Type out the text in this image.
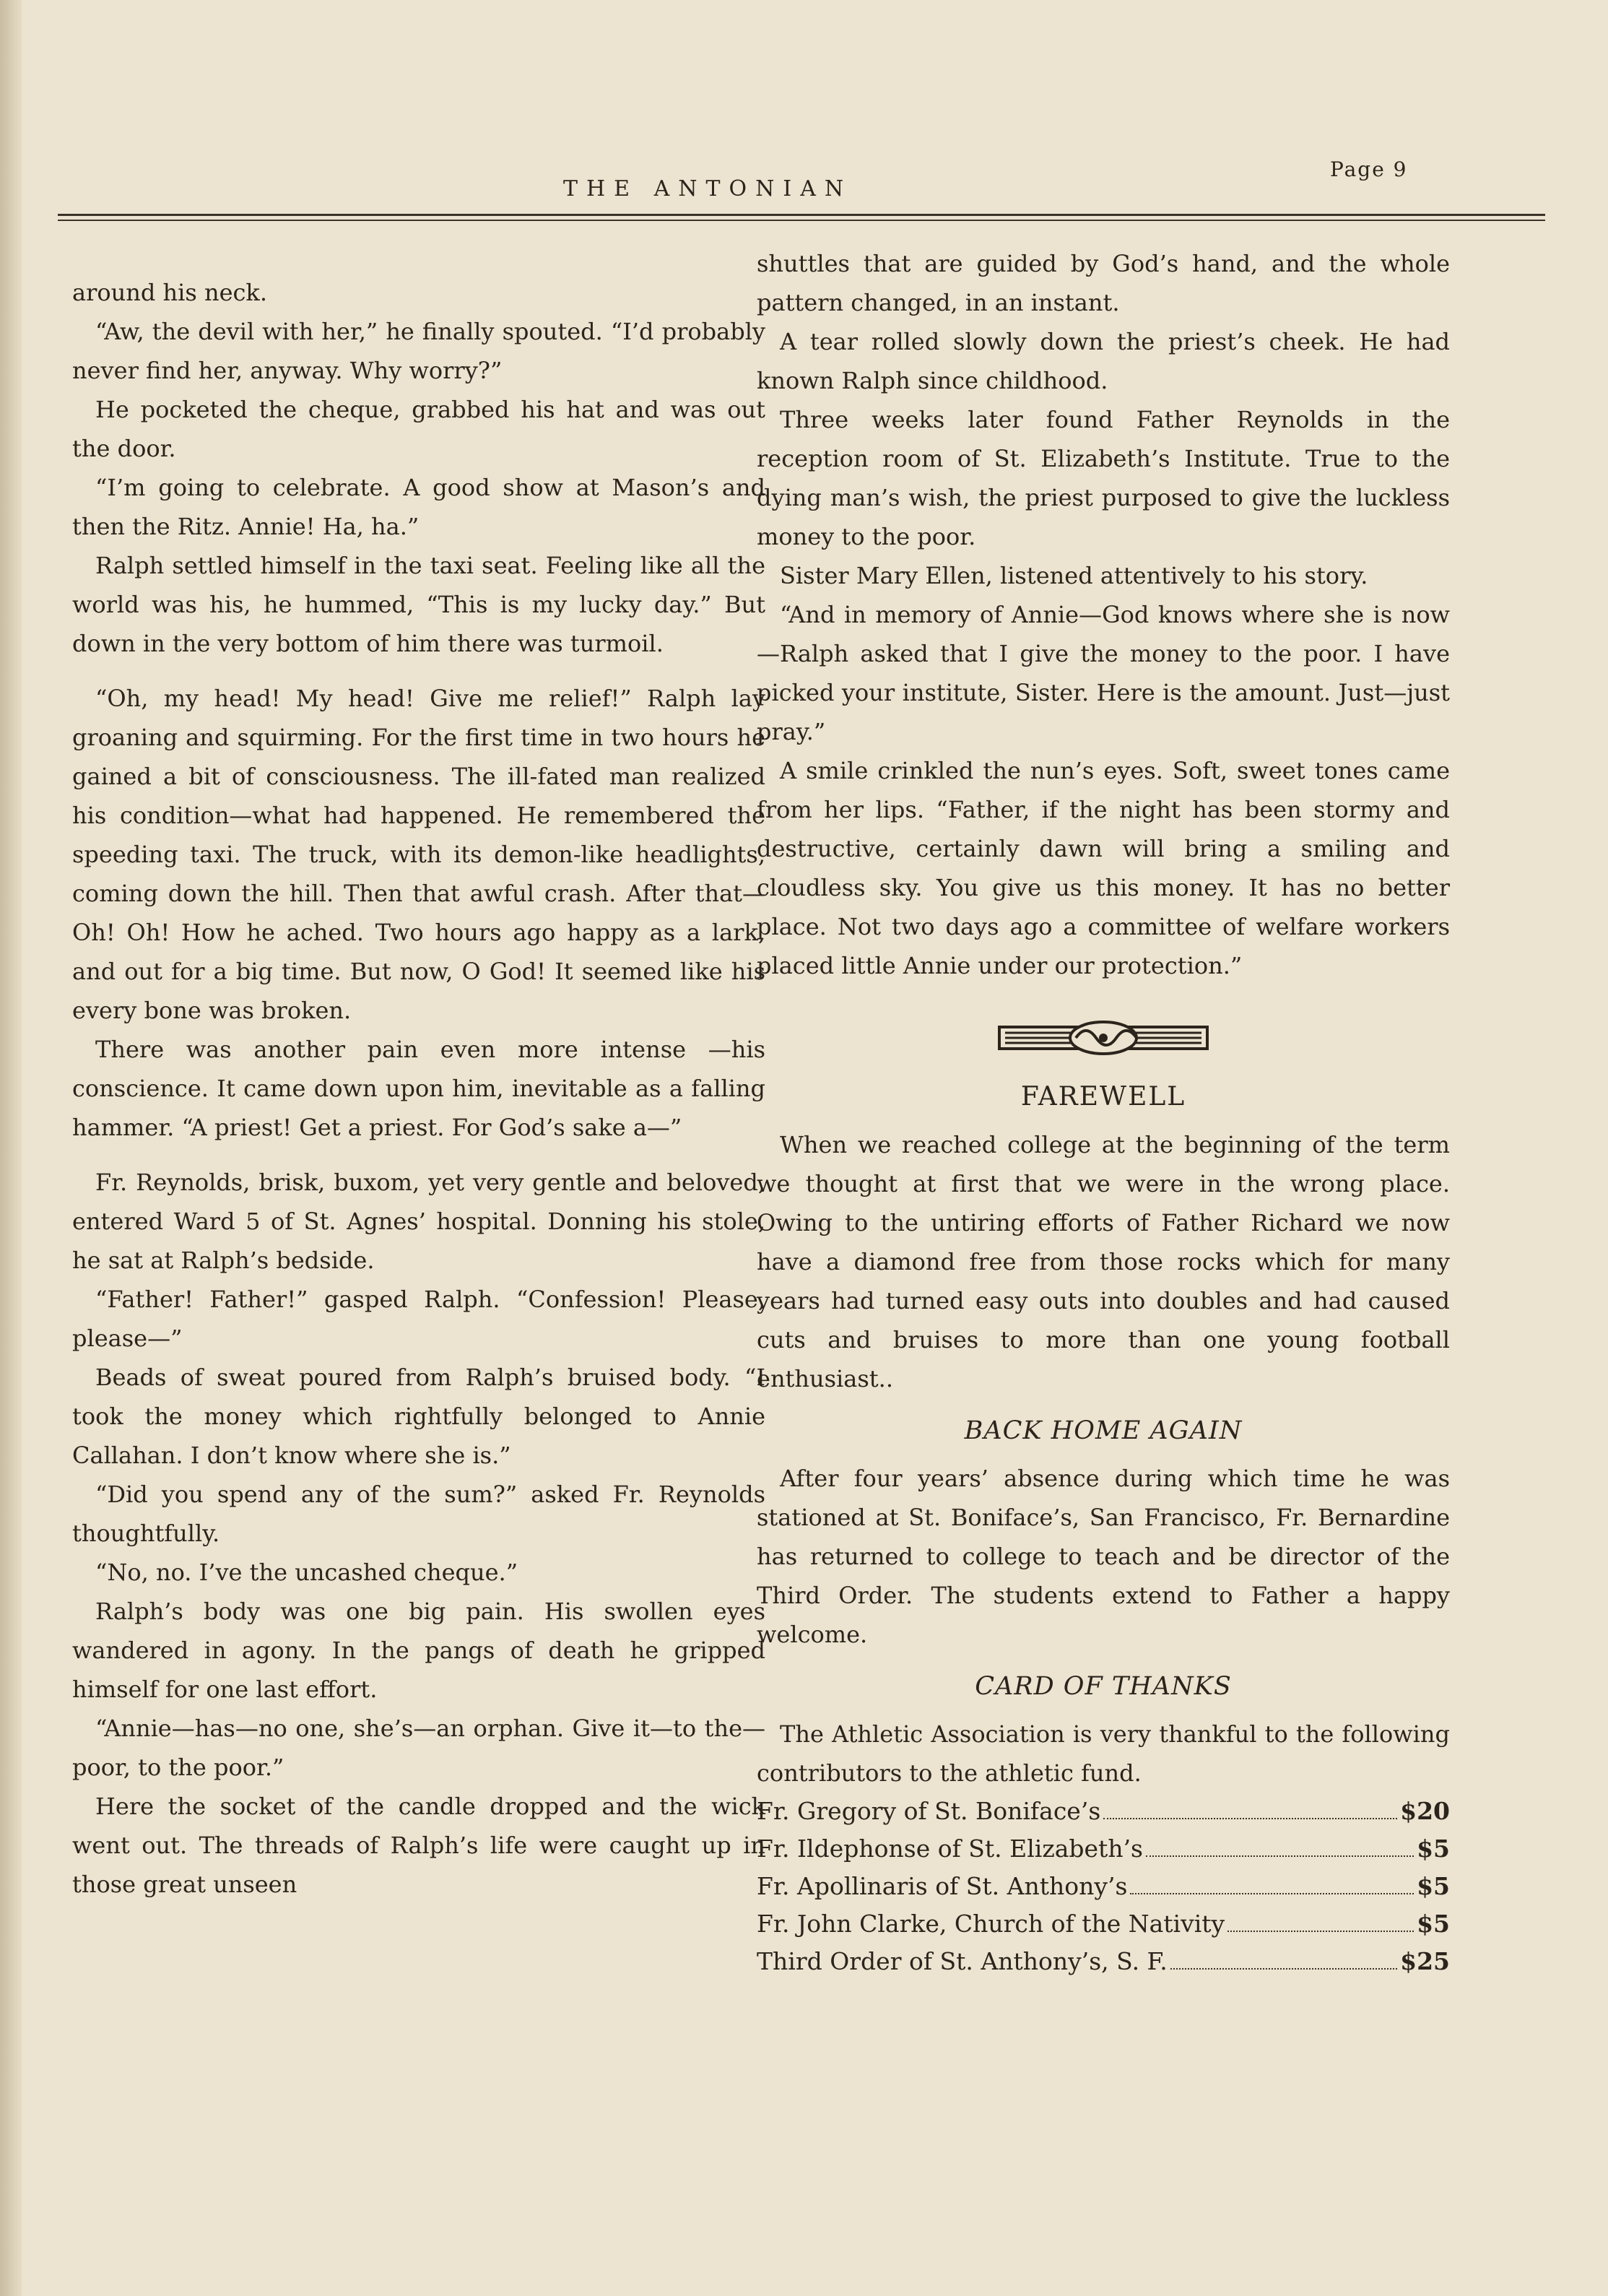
THE ANTONIAN
Page 9

around his neck.

“Aw, the devil with her,” he finally spouted. “I’d probably never find her, anyway. Why worry?”

He pocketed the cheque, grabbed his hat and was out the door.

“I’m going to celebrate. A good show at Mason’s and then the Ritz. Annie! Ha, ha.”

Ralph settled himself in the taxi seat. Feeling like all the world was his, he hummed, “This is my lucky day.” But down in the very bottom of him there was turmoil.

“Oh, my head! My head! Give me relief!” Ralph lay groaning and squirming. For the first time in two hours he gained a bit of consciousness. The ill-fated man realized his condition—what had happened. He remembered the speeding taxi. The truck, with its demon-like headlights, coming down the hill. Then that awful crash. After that—Oh! Oh! How he ached. Two hours ago happy as a lark, and out for a big time. But now, O God! It seemed like his every bone was broken.

There was another pain even more intense —his conscience. It came down upon him, inevitable as a falling hammer. “A priest! Get a priest. For God’s sake a—”

Fr. Reynolds, brisk, buxom, yet very gentle and beloved, entered Ward 5 of St. Agnes’ hospital. Donning his stole, he sat at Ralph’s bedside.

“Father! Father!” gasped Ralph. “Confession! Please, please—”

Beads of sweat poured from Ralph’s bruised body. “I took the money which rightfully belonged to Annie Callahan. I don’t know where she is.”

“Did you spend any of the sum?” asked Fr. Reynolds thoughtfully.

“No, no. I’ve the uncashed cheque.”

Ralph’s body was one big pain. His swollen eyes wandered in agony. In the pangs of death he gripped himself for one last effort.

“Annie—has—no one, she’s—an orphan. Give it—to the—poor, to the poor.”

Here the socket of the candle dropped and the wick went out. The threads of Ralph’s life were caught up in those great unseen

shuttles that are guided by God’s hand, and the whole pattern changed, in an instant.

A tear rolled slowly down the priest’s cheek. He had known Ralph since childhood.

Three weeks later found Father Reynolds in the reception room of St. Elizabeth’s Institute. True to the dying man’s wish, the priest purposed to give the luckless money to the poor.

Sister Mary Ellen, listened attentively to his story.

“And in memory of Annie—God knows where she is now—Ralph asked that I give the money to the poor. I have picked your institute, Sister. Here is the amount. Just—just pray.”

A smile crinkled the nun’s eyes. Soft, sweet tones came from her lips. “Father, if the night has been stormy and destructive, certainly dawn will bring a smiling and cloudless sky. You give us this money. It has no better place. Not two days ago a committee of welfare workers placed little Annie under our protection.”

FAREWELL

When we reached college at the beginning of the term we thought at first that we were in the wrong place. Owing to the untiring efforts of Father Richard we now have a diamond free from those rocks which for many years had turned easy outs into doubles and had caused cuts and bruises to more than one young football enthusiast..

BACK HOME AGAIN

After four years’ absence during which time he was stationed at St. Boniface’s, San Francisco, Fr. Bernardine has returned to college to teach and be director of the Third Order. The students extend to Father a happy welcome.

CARD OF THANKS

The Athletic Association is very thankful to the following contributors to the athletic fund.

Fr. Gregory of St. Boniface’s	$20
Fr. Ildephonse of St. Elizabeth’s	$5
Fr. Apollinaris of St. Anthony’s	$5
Fr. John Clarke, Church of the Nativity	$5
Third Order of St. Anthony’s, S. F.	$25
